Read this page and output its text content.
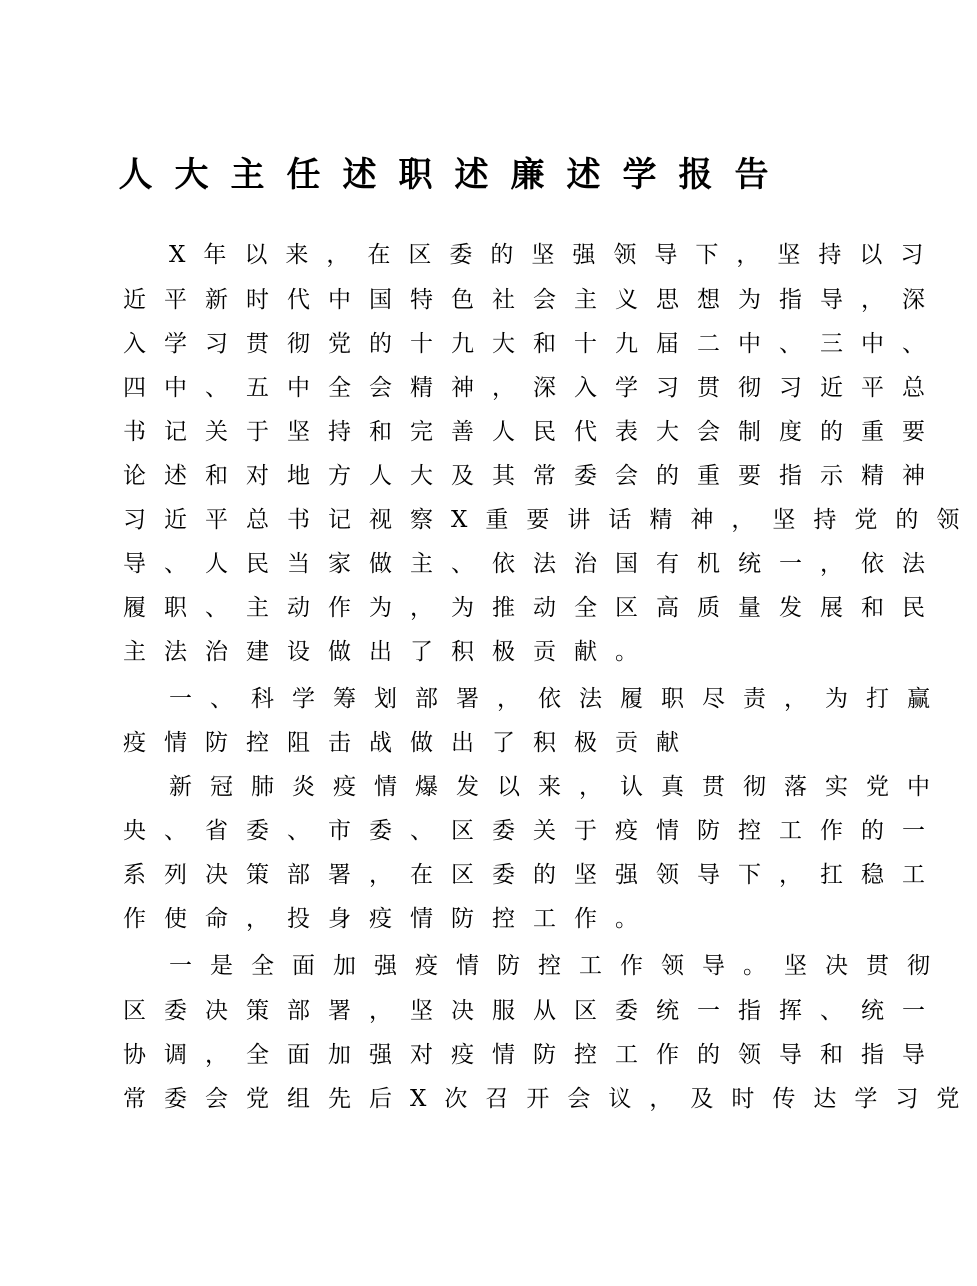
人大主任述职述廉述学报告
X年以来，在区委的坚强领导下，坚持以习
近平新时代中国特色社会主义思想为指导，深
入学习贯彻党的十九大和十九届二中、三中、
四中、五中全会精神，深入学习贯彻习近平总
书记关于坚持和完善人民代表大会制度的重要
论述和对地方人大及其常委会的重要指示精神
习近平总书记视察X重要讲话精神，坚持党的领
导、人民当家做主、依法治国有机统一，依法
履职、主动作为，为推动全区高质量发展和民
主法治建设做出了积极贡献。
一、科学筹划部署，依法履职尽责，为打赢
疫情防控阻击战做出了积极贡献
新冠肺炎疫情爆发以来，认真贯彻落实党中
央、省委、市委、区委关于疫情防控工作的一
系列决策部署，在区委的坚强领导下，扛稳工
作使命，投身疫情防控工作。
一是全面加强疫情防控工作领导。坚决贯彻
区委决策部署，坚决服从区委统一指挥、统一
协调，全面加强对疫情防控工作的领导和指导
常委会党组先后X次召开会议，及时传达学习党
